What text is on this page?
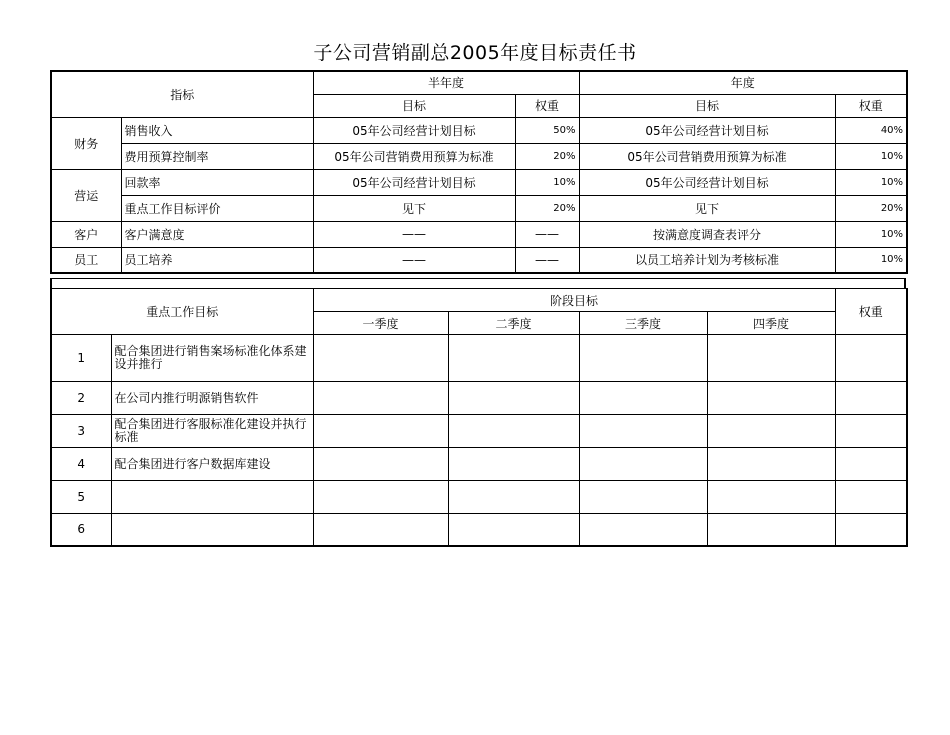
子公司营销副总2005年度目标责任书
指标		半年度		年度	
		目标	权重	目标	权重
财务	销售收入	05年公司经营计划目标	50%	05年公司经营计划目标	40%
	费用预算控制率	05年公司营销费用预算为标准	20%	05年公司营销费用预算为标准	10%
营运	回款率	05年公司经营计划目标	10%	05年公司经营计划目标	10%
	重点工作目标评价	见下	20%	见下	20%
客户	客户满意度	——	——	按满意度调查表评分	10%
员工	员工培养	——	——	以员工培养计划为考核标准	10%
重点工作目标		阶段目标				权重
		一季度	二季度	三季度	四季度	
1	配合集团进行销售案场标准化体系建设并推行					
2	在公司内推行明源销售软件					
3	配合集团进行客服标准化建设并执行标准					
4	配合集团进行客户数据库建设					
5						
6						
